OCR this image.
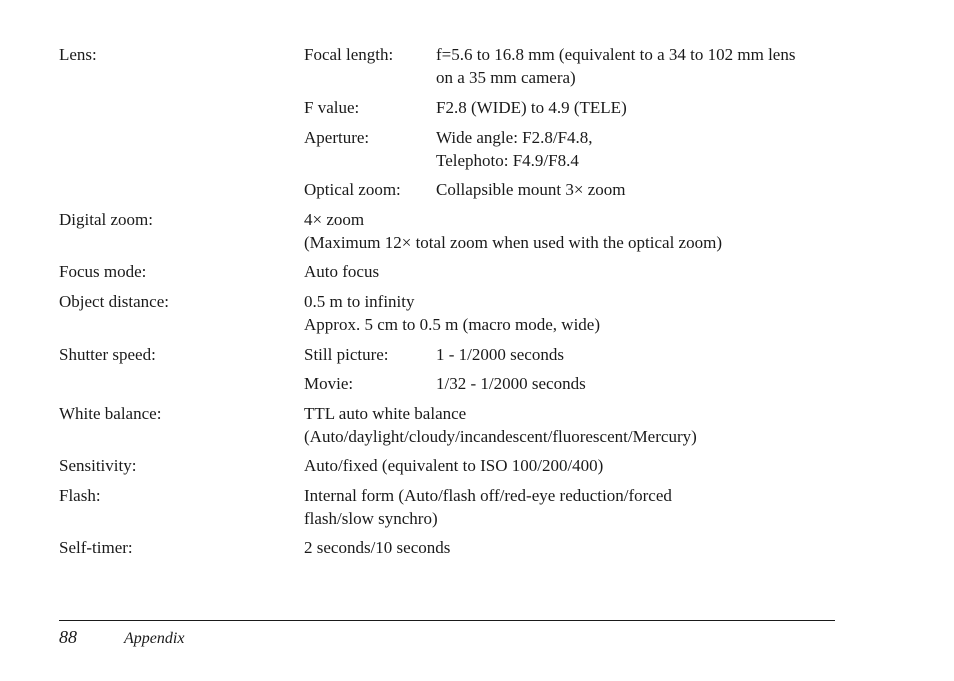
Lens:	Focal length:	f=5.6 to 16.8 mm (equivalent to a 34 to 102 mm lens
on a 35 mm camera)
F value:	F2.8 (WIDE) to 4.9 (TELE)
Aperture:	Wide angle: F2.8/F4.8,
Telephoto: F4.9/F8.4
Optical zoom: Collapsible mount 3× zoom
Digital zoom:	4× zoom
(Maximum 12× total zoom when used with the optical zoom)
Focus mode:	Auto focus
Object distance:	0.5 m to infinity
Approx. 5 cm to 0.5 m (macro mode, wide)
Shutter speed:	Still picture:	1 - 1/2000 seconds
Movie:	1/32 - 1/2000 seconds
White balance:	TTL auto white balance
(Auto/daylight/cloudy/incandescent/fluorescent/Mercury)
Sensitivity:	Auto/fixed (equivalent to ISO 100/200/400)
Flash:	Internal form (Auto/flash off/red-eye reduction/forced
flash/slow synchro)
Self-timer:	2 seconds/10 seconds
88	Appendix
